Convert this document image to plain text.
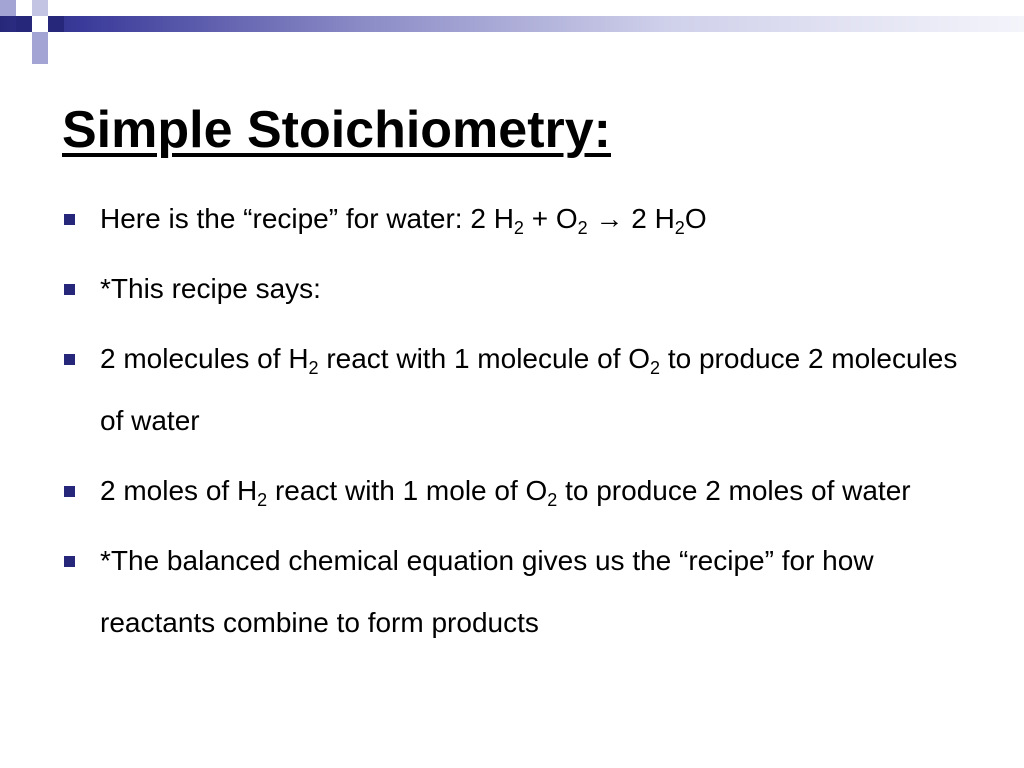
Simple Stoichiometry:
Here is the “recipe” for water: 2 $H_2 + O_2 \to 2$ $H_2O$
*This recipe says:
2 molecules of $H_2$ react with 1 molecule of $O_2$ to produce 2 molecules of water
2 moles of $H_2$ react with 1 mole of $O_2$ to produce 2 moles of water
*The balanced chemical equation gives us the “recipe” for how reactants combine to form products
